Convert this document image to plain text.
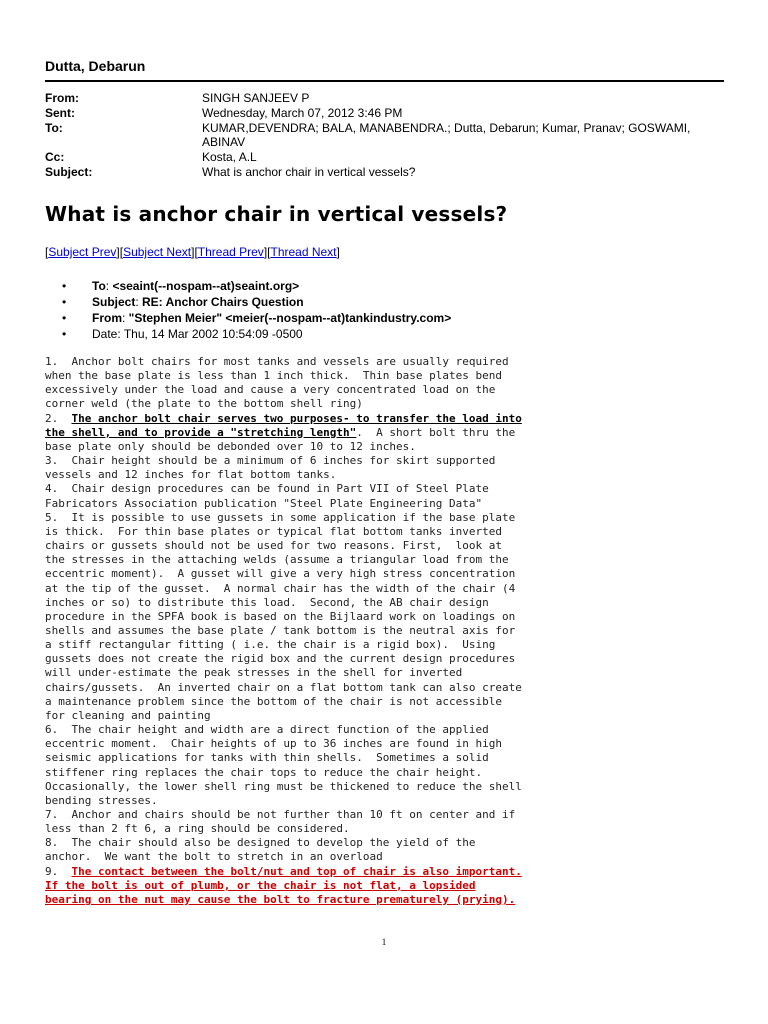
Dutta, Debarun
From:	SINGH SANJEEV P
Sent:	Wednesday, March 07, 2012 3:46 PM
To:	KUMAR,DEVENDRA; BALA, MANABENDRA.; Dutta, Debarun; Kumar, Pranav; GOSWAMI, ABINAV
Cc:	Kosta, A.L
Subject:	What is anchor chair in vertical vessels?
What is anchor chair in vertical vessels?
[Subject Prev][Subject Next][Thread Prev][Thread Next]
• To: <seaint(--nospam--at)seaint.org>
• Subject: RE: Anchor Chairs Question
• From: "Stephen Meier" <meier(--nospam--at)tankindustry.com>
• Date: Thu, 14 Mar 2002 10:54:09 -0500
1.  Anchor bolt chairs for most tanks and vessels are usually required
when the base plate is less than 1 inch thick.  Thin base plates bend
excessively under the load and cause a very concentrated load on the
corner weld (the plate to the bottom shell ring)
2.  The anchor bolt chair serves two purposes- to transfer the load into
the shell, and to provide a "stretching length".  A short bolt thru the
base plate only should be debonded over 10 to 12 inches.
3.  Chair height should be a minimum of 6 inches for skirt supported
vessels and 12 inches for flat bottom tanks.
4.  Chair design procedures can be found in Part VII of Steel Plate
Fabricators Association publication "Steel Plate Engineering Data"
5.  It is possible to use gussets in some application if the base plate
is thick.  For thin base plates or typical flat bottom tanks inverted
chairs or gussets should not be used for two reasons. First,  look at
the stresses in the attaching welds (assume a triangular load from the
eccentric moment).  A gusset will give a very high stress concentration
at the tip of the gusset.  A normal chair has the width of the chair (4
inches or so) to distribute this load.  Second, the AB chair design
procedure in the SPFA book is based on the Bijlaard work on loadings on
shells and assumes the base plate / tank bottom is the neutral axis for
a stiff rectangular fitting ( i.e. the chair is a rigid box).  Using
gussets does not create the rigid box and the current design procedures
will under-estimate the peak stresses in the shell for inverted
chairs/gussets.  An inverted chair on a flat bottom tank can also create
a maintenance problem since the bottom of the chair is not accessible
for cleaning and painting
6.  The chair height and width are a direct function of the applied
eccentric moment.  Chair heights of up to 36 inches are found in high
seismic applications for tanks with thin shells.  Sometimes a solid
stiffener ring replaces the chair tops to reduce the chair height.
Occasionally, the lower shell ring must be thickened to reduce the shell
bending stresses.
7.  Anchor and chairs should be not further than 10 ft on center and if
less than 2 ft 6, a ring should be considered.
8.  The chair should also be designed to develop the yield of the
anchor.  We want the bolt to stretch in an overload
9.  The contact between the bolt/nut and top of chair is also important.
If the bolt is out of plumb, or the chair is not flat, a lopsided
bearing on the nut may cause the bolt to fracture prematurely (prying).
1
